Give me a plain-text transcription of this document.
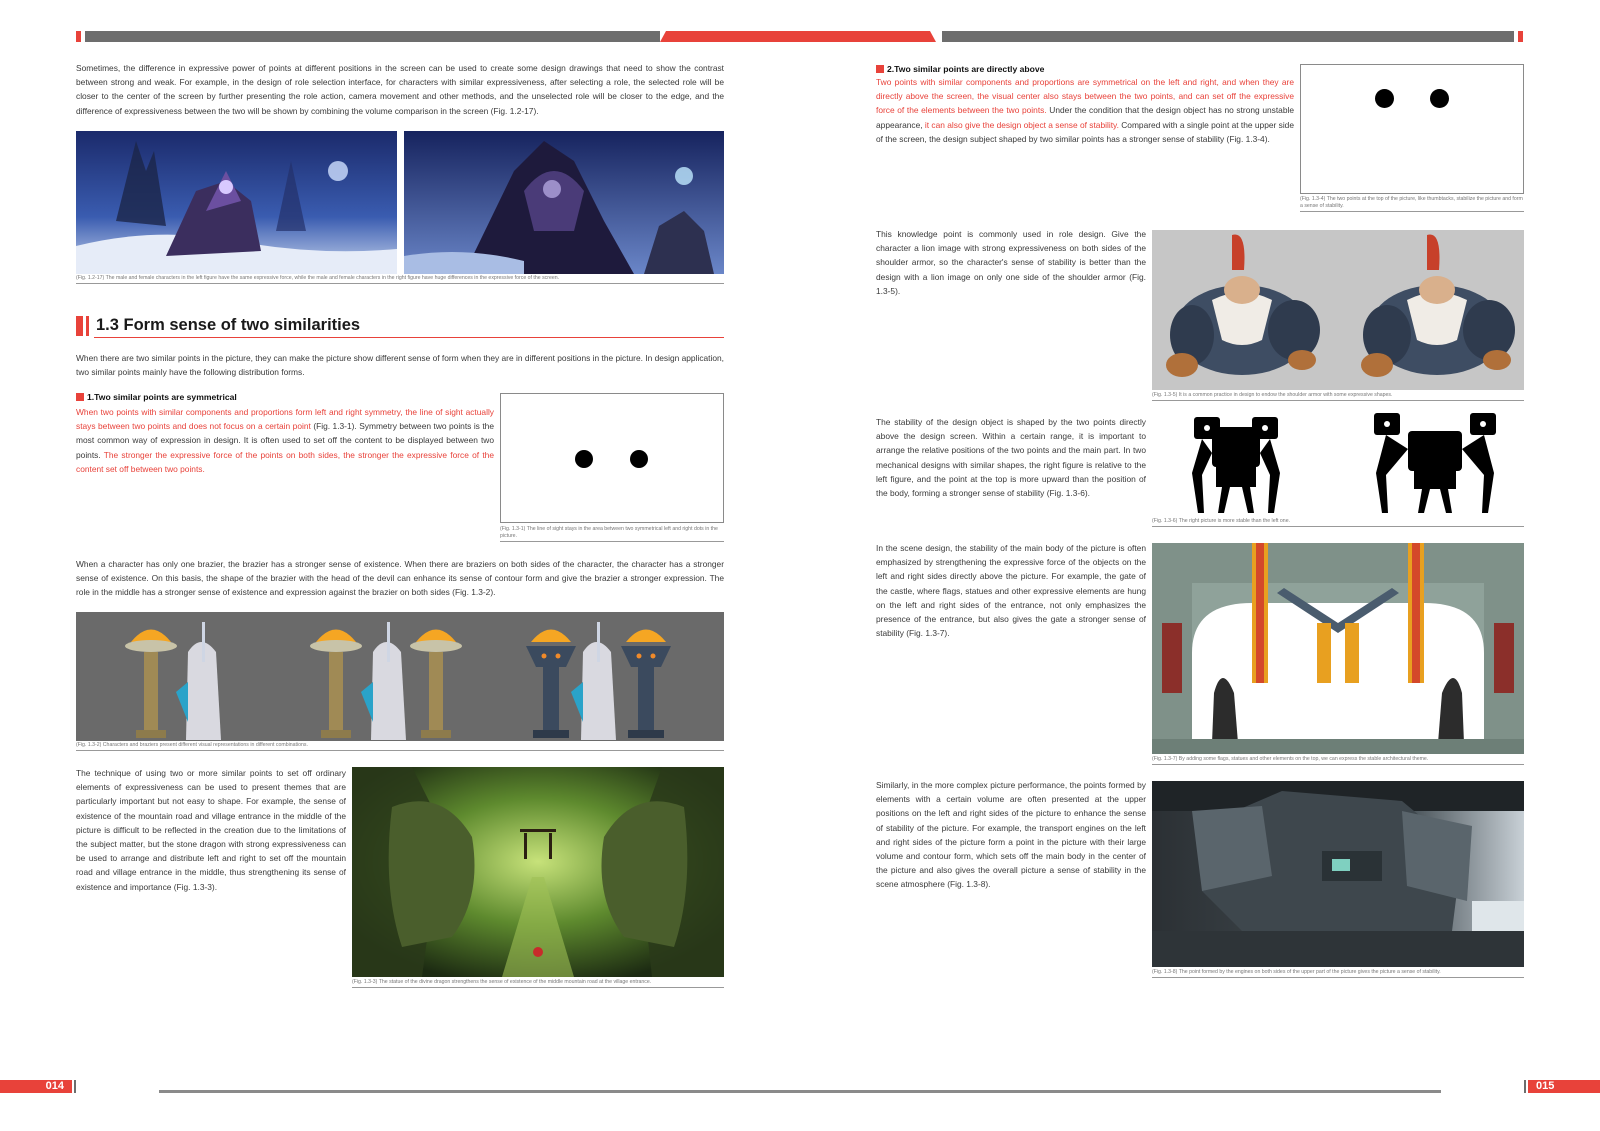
Sometimes, the difference in expressive power of points at different positions in the screen can be used to create some design drawings that need to show the contrast between strong and weak. For example, in the design of role selection interface, for characters with similar expressiveness, after selecting a role, the selected role will be closer to the center of the screen by further presenting the role action, camera movement and other methods, and the unselected role will be closer to the edge, and the difference of expressiveness between the two will be shown by combining the volume comparison in the screen (Fig. 1.2-17).
(Fig. 1.2-17) The male and female characters in the left figure have the same expressive force, while the male and female characters in the right figure have huge differences in the expressive force of the screen.
1.3 Form sense of two similarities
When there are two similar points in the picture, they can make the picture show different sense of form when they are in different positions in the picture. In design application, two similar points mainly have the following distribution forms.
1.Two similar points are symmetrical
When two points with similar components and proportions form left and right symmetry, the line of sight actually stays between two points and does not focus on a certain point (Fig. 1.3-1). Symmetry between two points is the most common way of expression in design. It is often used to set off the content to be displayed between two points. The stronger the expressive force of the points on both sides, the stronger the expressive force of the content set off between two points.
(Fig. 1.3-1) The line of sight stays in the area between two symmetrical left and right dots in the picture.
When a character has only one brazier, the brazier has a stronger sense of existence. When there are braziers on both sides of the character, the character has a stronger sense of existence. On this basis, the shape of the brazier with the head of the devil can enhance its sense of contour form and give the brazier a stronger expression. The role in the middle has a stronger sense of existence and expression against the brazier on both sides (Fig. 1.3-2).
(Fig. 1.3-2) Characters and braziers present different visual representations in different combinations.
The technique of using two or more similar points to set off ordinary elements of expressiveness can be used to present themes that are particularly important but not easy to shape. For example, the sense of existence of the mountain road and village entrance in the middle of the picture is difficult to be reflected in the creation due to the limitations of the subject matter, but the stone dragon with strong expressiveness can be used to arrange and distribute left and right to set off the mountain road and village entrance in the middle, thus strengthening its sense of existence and importance (Fig. 1.3-3).
(Fig. 1.3-3) The statue of the divine dragon strengthens the sense of existence of the middle mountain road at the village entrance.
014
2.Two similar points are directly above
Two points with similar components and proportions are symmetrical on the left and right, and when they are directly above the screen, the visual center also stays between the two points, and can set off the expressive force of the elements between the two points. Under the condition that the design object has no strong unstable appearance, it can also give the design object a sense of stability. Compared with a single point at the upper side of the screen, the design subject shaped by two similar points has a stronger sense of stability (Fig. 1.3-4).
(Fig. 1.3-4) The two points at the top of the picture, like thumbtacks, stabilize the picture and form a sense of stability.
This knowledge point is commonly used in role design. Give the character a lion image with strong expressiveness on both sides of the shoulder armor, so the character's sense of stability is better than the design with a lion image on only one side of the shoulder armor (Fig. 1.3-5).
(Fig. 1.3-5) It is a common practice in design to endow the shoulder armor with some expressive shapes.
The stability of the design object is shaped by the two points directly above the design screen. Within a certain range, it is important to arrange the relative positions of the two points and the main part. In two mechanical designs with similar shapes, the right figure is relative to the left figure, and the point at the top is more upward than the position of the body, forming a stronger sense of stability (Fig. 1.3-6).
(Fig. 1.3-6) The right picture is more stable than the left one.
In the scene design, the stability of the main body of the picture is often emphasized by strengthening the expressive force of the objects on the left and right sides directly above the picture. For example, the gate of the castle, where flags, statues and other expressive elements are hung on the left and right sides of the entrance, not only emphasizes the presence of the entrance, but also gives the gate a stronger sense of stability (Fig. 1.3-7).
(Fig. 1.3-7) By adding some flags, statues and other elements on the top, we can express the stable architectural theme.
Similarly, in the more complex picture performance, the points formed by elements with a certain volume are often presented at the upper positions on the left and right sides of the picture to enhance the sense of stability of the picture. For example, the transport engines on the left and right sides of the picture form a point in the picture with their large volume and contour form, which sets off the main body in the center of the picture and also gives the overall picture a sense of stability in the scene atmosphere (Fig. 1.3-8).
(Fig. 1.3-8) The point formed by the engines on both sides of the upper part of the picture gives the picture a sense of stability.
015
